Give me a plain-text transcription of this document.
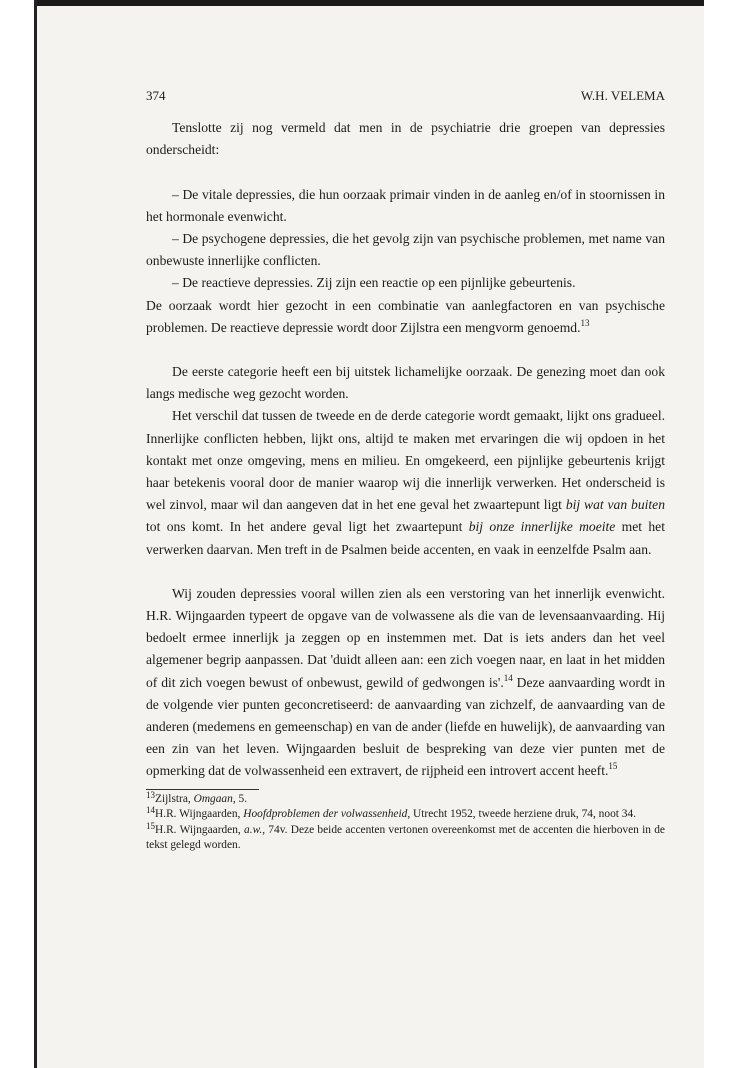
374	W.H. VELEMA

Tenslotte zij nog vermeld dat men in de psychiatrie drie groepen van depressies onderscheidt:

– De vitale depressies, die hun oorzaak primair vinden in de aanleg en/of in stoornissen in het hormonale evenwicht.

– De psychogene depressies, die het gevolg zijn van psychische problemen, met name van onbewuste innerlijke conflicten.

– De reactieve depressies. Zij zijn een reactie op een pijnlijke gebeurtenis.

De oorzaak wordt hier gezocht in een combinatie van aanlegfactoren en van psychische problemen. De reactieve depressie wordt door Zijlstra een mengvorm genoemd.$^{13}$

De eerste categorie heeft een bij uitstek lichamelijke oorzaak. De genezing moet dan ook langs medische weg gezocht worden.

Het verschil dat tussen de tweede en de derde categorie wordt gemaakt, lijkt ons gradueel. Innerlijke conflicten hebben, lijkt ons, altijd te maken met ervaringen die wij opdoen in het kontakt met onze omgeving, mens en milieu. En omgekeerd, een pijnlijke gebeurtenis krijgt haar betekenis vooral door de manier waarop wij die innerlijk verwerken. Het onderscheid is wel zinvol, maar wil dan aangeven dat in het ene geval het zwaartepunt ligt bij wat van buiten tot ons komt. In het andere geval ligt het zwaartepunt bij onze innerlijke moeite met het verwerken daarvan. Men treft in de Psalmen beide accenten, en vaak in eenzelfde Psalm aan.

Wij zouden depressies vooral willen zien als een verstoring van het innerlijk evenwicht. H.R. Wijngaarden typeert de opgave van de volwassene als die van de levensaanvaarding. Hij bedoelt ermee innerlijk ja zeggen op en instemmen met. Dat is iets anders dan het veel algemener begrip aanpassen. Dat 'duidt alleen aan: een zich voegen naar, en laat in het midden of dit zich voegen bewust of onbewust, gewild of gedwongen is'.$^{14}$ Deze aanvaarding wordt in de volgende vier punten geconcretiseerd: de aanvaarding van zichzelf, de aanvaarding van de anderen (medemens en gemeenschap) en van de ander (liefde en huwelijk), de aanvaarding van een zin van het leven. Wijngaarden besluit de bespreking van deze vier punten met de opmerking dat de volwassenheid een extravert, de rijpheid een introvert accent heeft.$^{15}$

$^{13}$Zijlstra, Omgaan, 5.

$^{14}$H.R. Wijngaarden, Hoofdproblemen der volwassenheid, Utrecht 1952, tweede herziene druk, 74, noot 34.

$^{15}$H.R. Wijngaarden, a.w., 74v. Deze beide accenten vertonen overeenkomst met de accenten die hierboven in de tekst gelegd worden.
